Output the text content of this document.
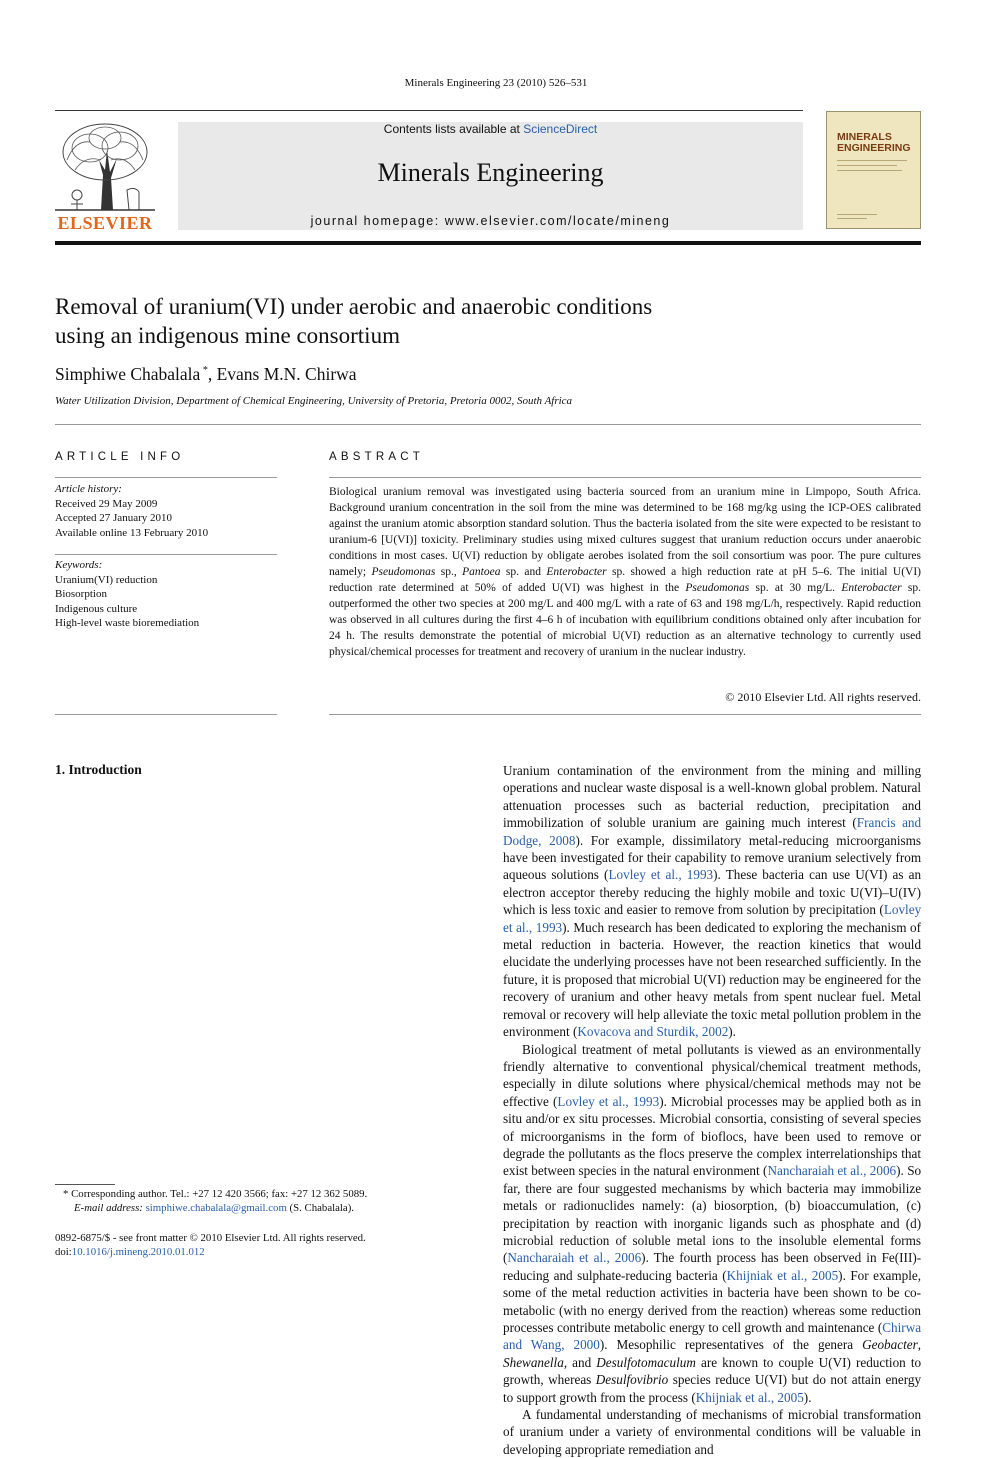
Minerals Engineering 23 (2010) 526–531
ELSEVIER
Contents lists available at ScienceDirect
Minerals Engineering
journal homepage: www.elsevier.com/locate/mineng
MINERALS
ENGINEERING
Removal of uranium(VI) under aerobic and anaerobic conditions
using an indigenous mine consortium
Simphiwe Chabalala *, Evans M.N. Chirwa
Water Utilization Division, Department of Chemical Engineering, University of Pretoria, Pretoria 0002, South Africa
ARTICLE INFO
Article history:
Received 29 May 2009
Accepted 27 January 2010
Available online 13 February 2010
Keywords:
Uranium(VI) reduction
Biosorption
Indigenous culture
High-level waste bioremediation
ABSTRACT
Biological uranium removal was investigated using bacteria sourced from an uranium mine in Limpopo, South Africa. Background uranium concentration in the soil from the mine was determined to be 168 mg/kg using the ICP-OES calibrated against the uranium atomic absorption standard solution. Thus the bacteria isolated from the site were expected to be resistant to uranium-6 [U(VI)] toxicity. Preliminary studies using mixed cultures suggest that uranium reduction occurs under anaerobic conditions in most cases. U(VI) reduction by obligate aerobes isolated from the soil consortium was poor. The pure cultures namely; Pseudomonas sp., Pantoea sp. and Enterobacter sp. showed a high reduction rate at pH 5–6. The initial U(VI) reduction rate determined at 50% of added U(VI) was highest in the Pseudomonas sp. at 30 mg/L. Enterobacter sp. outperformed the other two species at 200 mg/L and 400 mg/L with a rate of 63 and 198 mg/L/h, respectively. Rapid reduction was observed in all cultures during the first 4–6 h of incubation with equilibrium conditions obtained only after incubation for 24 h. The results demonstrate the potential of microbial U(VI) reduction as an alternative technology to currently used physical/chemical processes for treatment and recovery of uranium in the nuclear industry.
© 2010 Elsevier Ltd. All rights reserved.
1. Introduction

* Corresponding author. Tel.: +27 12 420 3566; fax: +27 12 362 5089.
E-mail address: simphiwe.chabalala@gmail.com (S. Chabalala).
0892-6875/$ - see front matter © 2010 Elsevier Ltd. All rights reserved.
doi:10.1016/j.mineng.2010.01.012

Uranium contamination of the environment from the mining and milling operations and nuclear waste disposal is a well-known global problem. Natural attenuation processes such as bacterial reduction, precipitation and immobilization of soluble uranium are gaining much interest (Francis and Dodge, 2008). For example, dissimilatory metal-reducing microorganisms have been investigated for their capability to remove uranium selectively from aqueous solutions (Lovley et al., 1993). These bacteria can use U(VI) as an electron acceptor thereby reducing the highly mobile and toxic U(VI)–U(IV) which is less toxic and easier to remove from solution by precipitation (Lovley et al., 1993). Much research has been dedicated to exploring the mechanism of metal reduction in bacteria. However, the reaction kinetics that would elucidate the underlying processes have not been researched sufficiently. In the future, it is proposed that microbial U(VI) reduction may be engineered for the recovery of uranium and other heavy metals from spent nuclear fuel. Metal removal or recovery will help alleviate the toxic metal pollution problem in the environment (Kovacova and Sturdik, 2002).

Biological treatment of metal pollutants is viewed as an environmentally friendly alternative to conventional physical/chemical treatment methods, especially in dilute solutions where physical/chemical methods may not be effective (Lovley et al., 1993). Microbial processes may be applied both as in situ and/or ex situ processes. Microbial consortia, consisting of several species of microorganisms in the form of bioflocs, have been used to remove or degrade the pollutants as the flocs preserve the complex interrelationships that exist between species in the natural environment (Nancharaiah et al., 2006). So far, there are four suggested mechanisms by which bacteria may immobilize metals or radionuclides namely: (a) biosorption, (b) bioaccumulation, (c) precipitation by reaction with inorganic ligands such as phosphate and (d) microbial reduction of soluble metal ions to the insoluble elemental forms (Nancharaiah et al., 2006). The fourth process has been observed in Fe(III)-reducing and sulphate-reducing bacteria (Khijniak et al., 2005). For example, some of the metal reduction activities in bacteria have been shown to be co-metabolic (with no energy derived from the reaction) whereas some reduction processes contribute metabolic energy to cell growth and maintenance (Chirwa and Wang, 2000). Mesophilic representatives of the genera Geobacter, Shewanella, and Desulfotomaculum are known to couple U(VI) reduction to growth, whereas Desulfovibrio species reduce U(VI) but do not attain energy to support growth from the process (Khijniak et al., 2005).

A fundamental understanding of mechanisms of microbial transformation of uranium under a variety of environmental conditions will be valuable in developing appropriate remediation and
